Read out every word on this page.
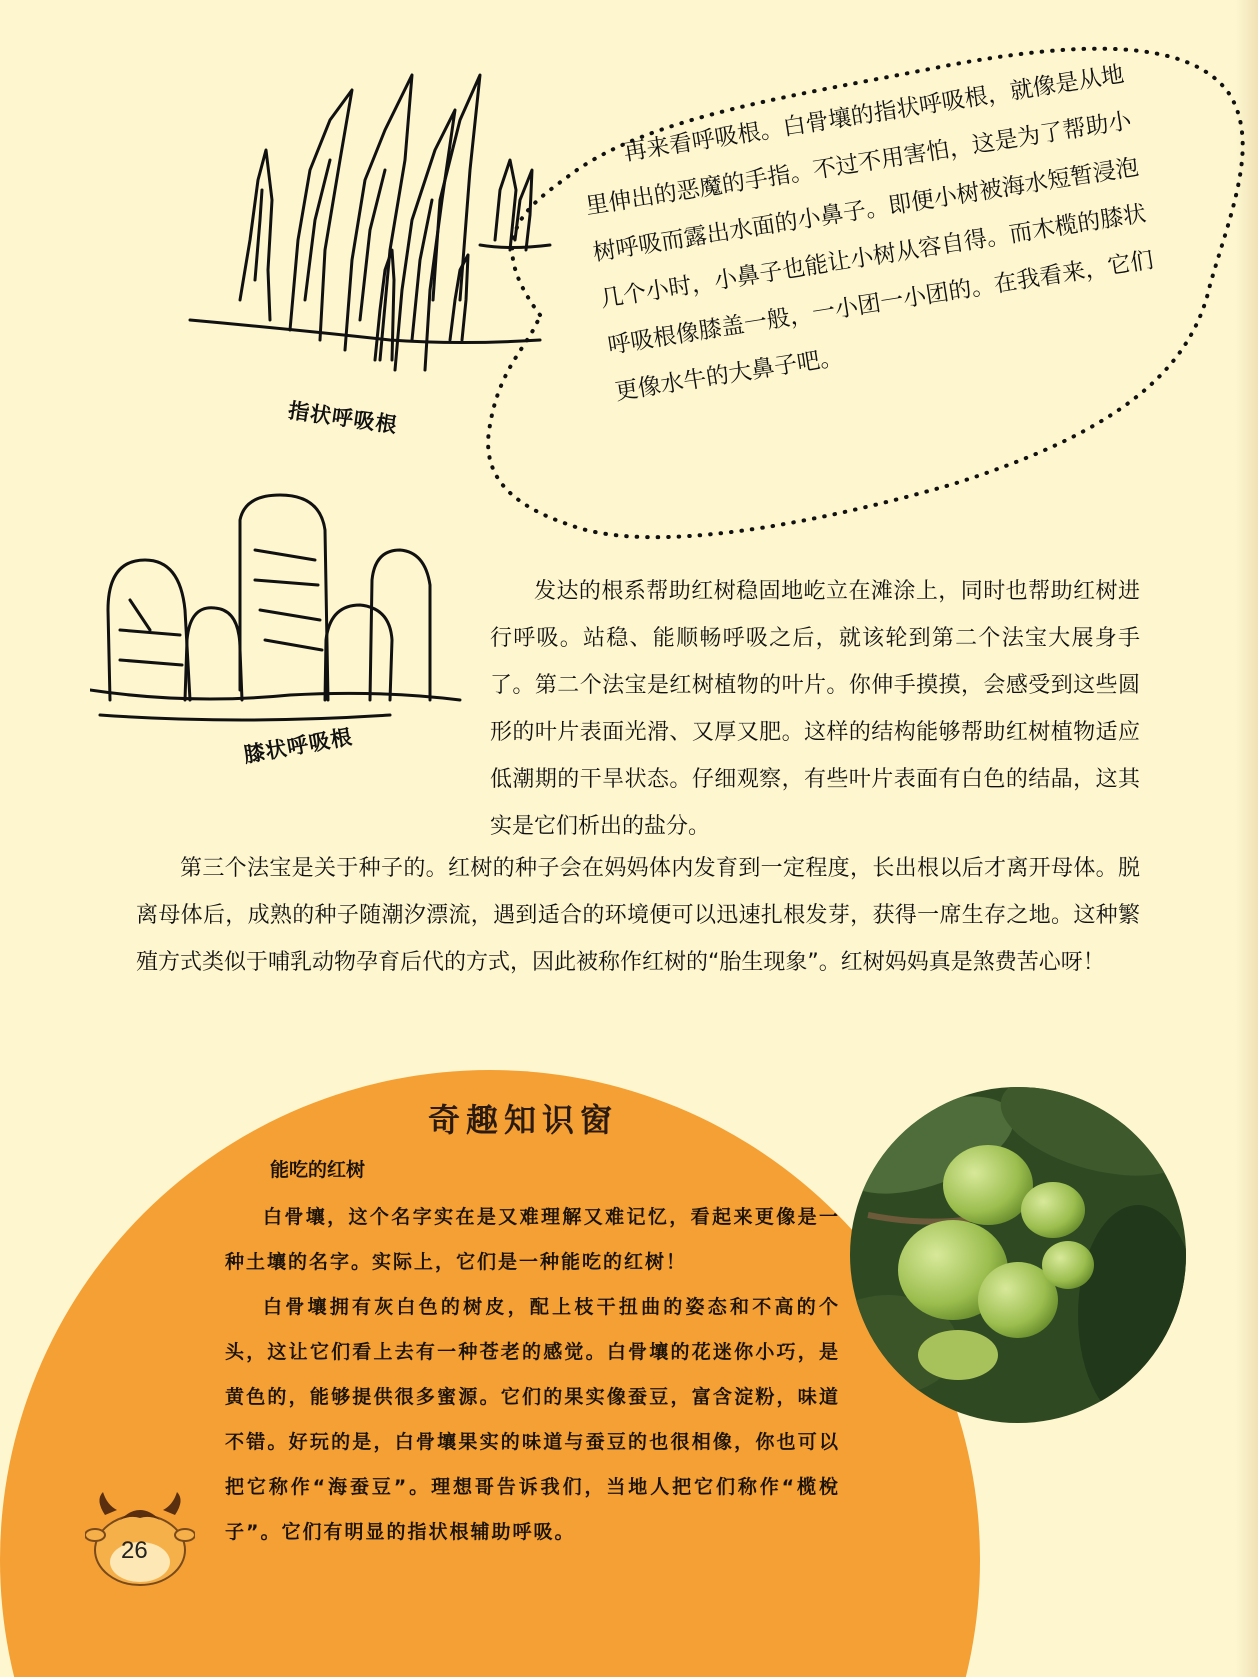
指状呼吸根
膝状呼吸根

再来看呼吸根。白骨壤的指状呼吸根，就像是从地里伸出的恶魔的手指。不过不用害怕，这是为了帮助小树呼吸而露出水面的小鼻子。即便小树被海水短暂浸泡几个小时，小鼻子也能让小树从容自得。而木榄的膝状呼吸根像膝盖一般，一小团一小团的。在我看来，它们更像水牛的大鼻子吧。

发达的根系帮助红树稳固地屹立在滩涂上，同时也帮助红树进行呼吸。站稳、能顺畅呼吸之后，就该轮到第二个法宝大展身手了。第二个法宝是红树植物的叶片。你伸手摸摸，会感受到这些圆形的叶片表面光滑、又厚又肥。这样的结构能够帮助红树植物适应低潮期的干旱状态。仔细观察，有些叶片表面有白色的结晶，这其实是它们析出的盐分。

第三个法宝是关于种子的。红树的种子会在妈妈体内发育到一定程度，长出根以后才离开母体。脱离母体后，成熟的种子随潮汐漂流，遇到适合的环境便可以迅速扎根发芽，获得一席生存之地。这种繁殖方式类似于哺乳动物孕育后代的方式，因此被称作红树的“胎生现象”。红树妈妈真是煞费苦心呀！

奇趣知识窗
能吃的红树

白骨壤，这个名字实在是又难理解又难记忆，看起来更像是一种土壤的名字。实际上，它们是一种能吃的红树！

白骨壤拥有灰白色的树皮，配上枝干扭曲的姿态和不高的个头，这让它们看上去有一种苍老的感觉。白骨壤的花迷你小巧，是黄色的，能够提供很多蜜源。它们的果实像蚕豆，富含淀粉，味道不错。好玩的是，白骨壤果实的味道与蚕豆的也很相像，你也可以把它称作“海蚕豆”。理想哥告诉我们，当地人把它们称作“榄梲子”。它们有明显的指状根辅助呼吸。

26
